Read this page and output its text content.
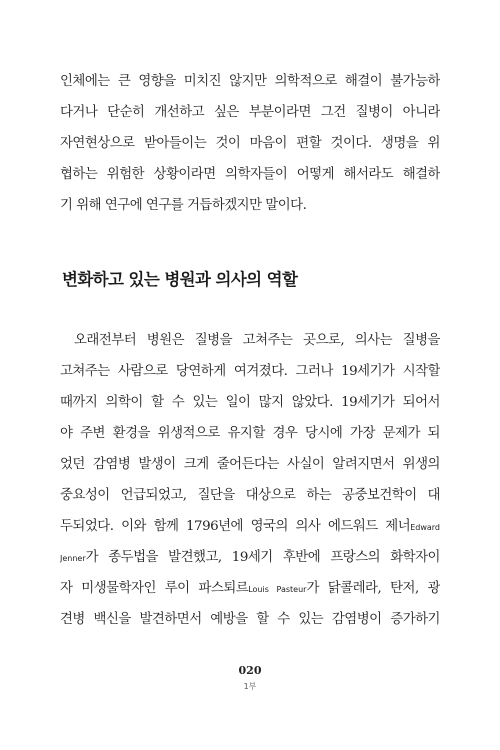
인체에는 큰 영향을 미치진 않지만 의학적으로 해결이 불가능하
다거나 단순히 개선하고 싶은 부분이라면 그건 질병이 아니라
자연현상으로 받아들이는 것이 마음이 편할 것이다. 생명을 위
협하는 위험한 상황이라면 의학자들이 어떻게 해서라도 해결하
기 위해 연구에 연구를 거듭하겠지만 말이다.
변화하고 있는 병원과 의사의 역할
오래전부터 병원은 질병을 고쳐주는 곳으로, 의사는 질병을
고쳐주는 사람으로 당연하게 여겨졌다. 그러나 19세기가 시작할
때까지 의학이 할 수 있는 일이 많지 않았다. 19세기가 되어서
야 주변 환경을 위생적으로 유지할 경우 당시에 가장 문제가 되
었던 감염병 발생이 크게 줄어든다는 사실이 알려지면서 위생의
중요성이 언급되었고, 질단을 대상으로 하는 공중보건학이 대
두되었다. 이와 함께 1796년에 영국의 의사 에드워드 제너Edward
Jenner가 종두법을 발견했고, 19세기 후반에 프랑스의 화학자이
자 미생물학자인 루이 파스퇴르Louis Pasteur가 닭콜레라, 탄저, 광
견병 백신을 발견하면서 예방을 할 수 있는 감염병이 증가하기
020
1부
